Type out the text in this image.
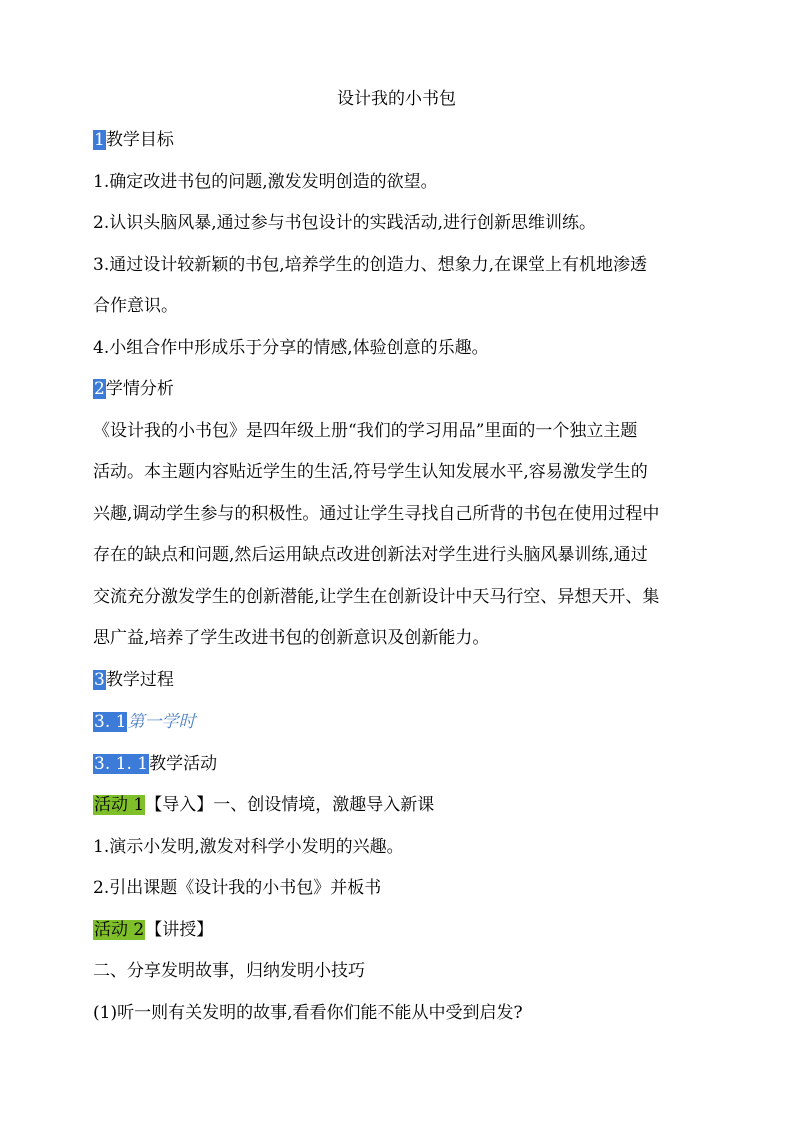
设计我的小书包
1教学目标
1.确定改进书包的问题,激发发明创造的欲望。
2.认识头脑风暴,通过参与书包设计的实践活动,进行创新思维训练。
3.通过设计较新颖的书包,培养学生的创造力、想象力,在课堂上有机地渗透
合作意识。
4.小组合作中形成乐于分享的情感,体验创意的乐趣。
2学情分析
《设计我的小书包》是四年级上册“我们的学习用品”里面的一个独立主题
活动。本主题内容贴近学生的生活,符号学生认知发展水平,容易激发学生的
兴趣,调动学生参与的积极性。通过让学生寻找自己所背的书包在使用过程中
存在的缺点和问题,然后运用缺点改进创新法对学生进行头脑风暴训练,通过
交流充分激发学生的创新潜能,让学生在创新设计中天马行空、异想天开、集
思广益,培养了学生改进书包的创新意识及创新能力。
3教学过程
3. 1第一学时
3. 1. 1教学活动
活动 1【导入】一、创设情境，激趣导入新课
1.演示小发明,激发对科学小发明的兴趣。
2.引出课题《设计我的小书包》并板书
活动 2【讲授】
二、分享发明故事，归纳发明小技巧
(1)听一则有关发明的故事,看看你们能不能从中受到启发?
